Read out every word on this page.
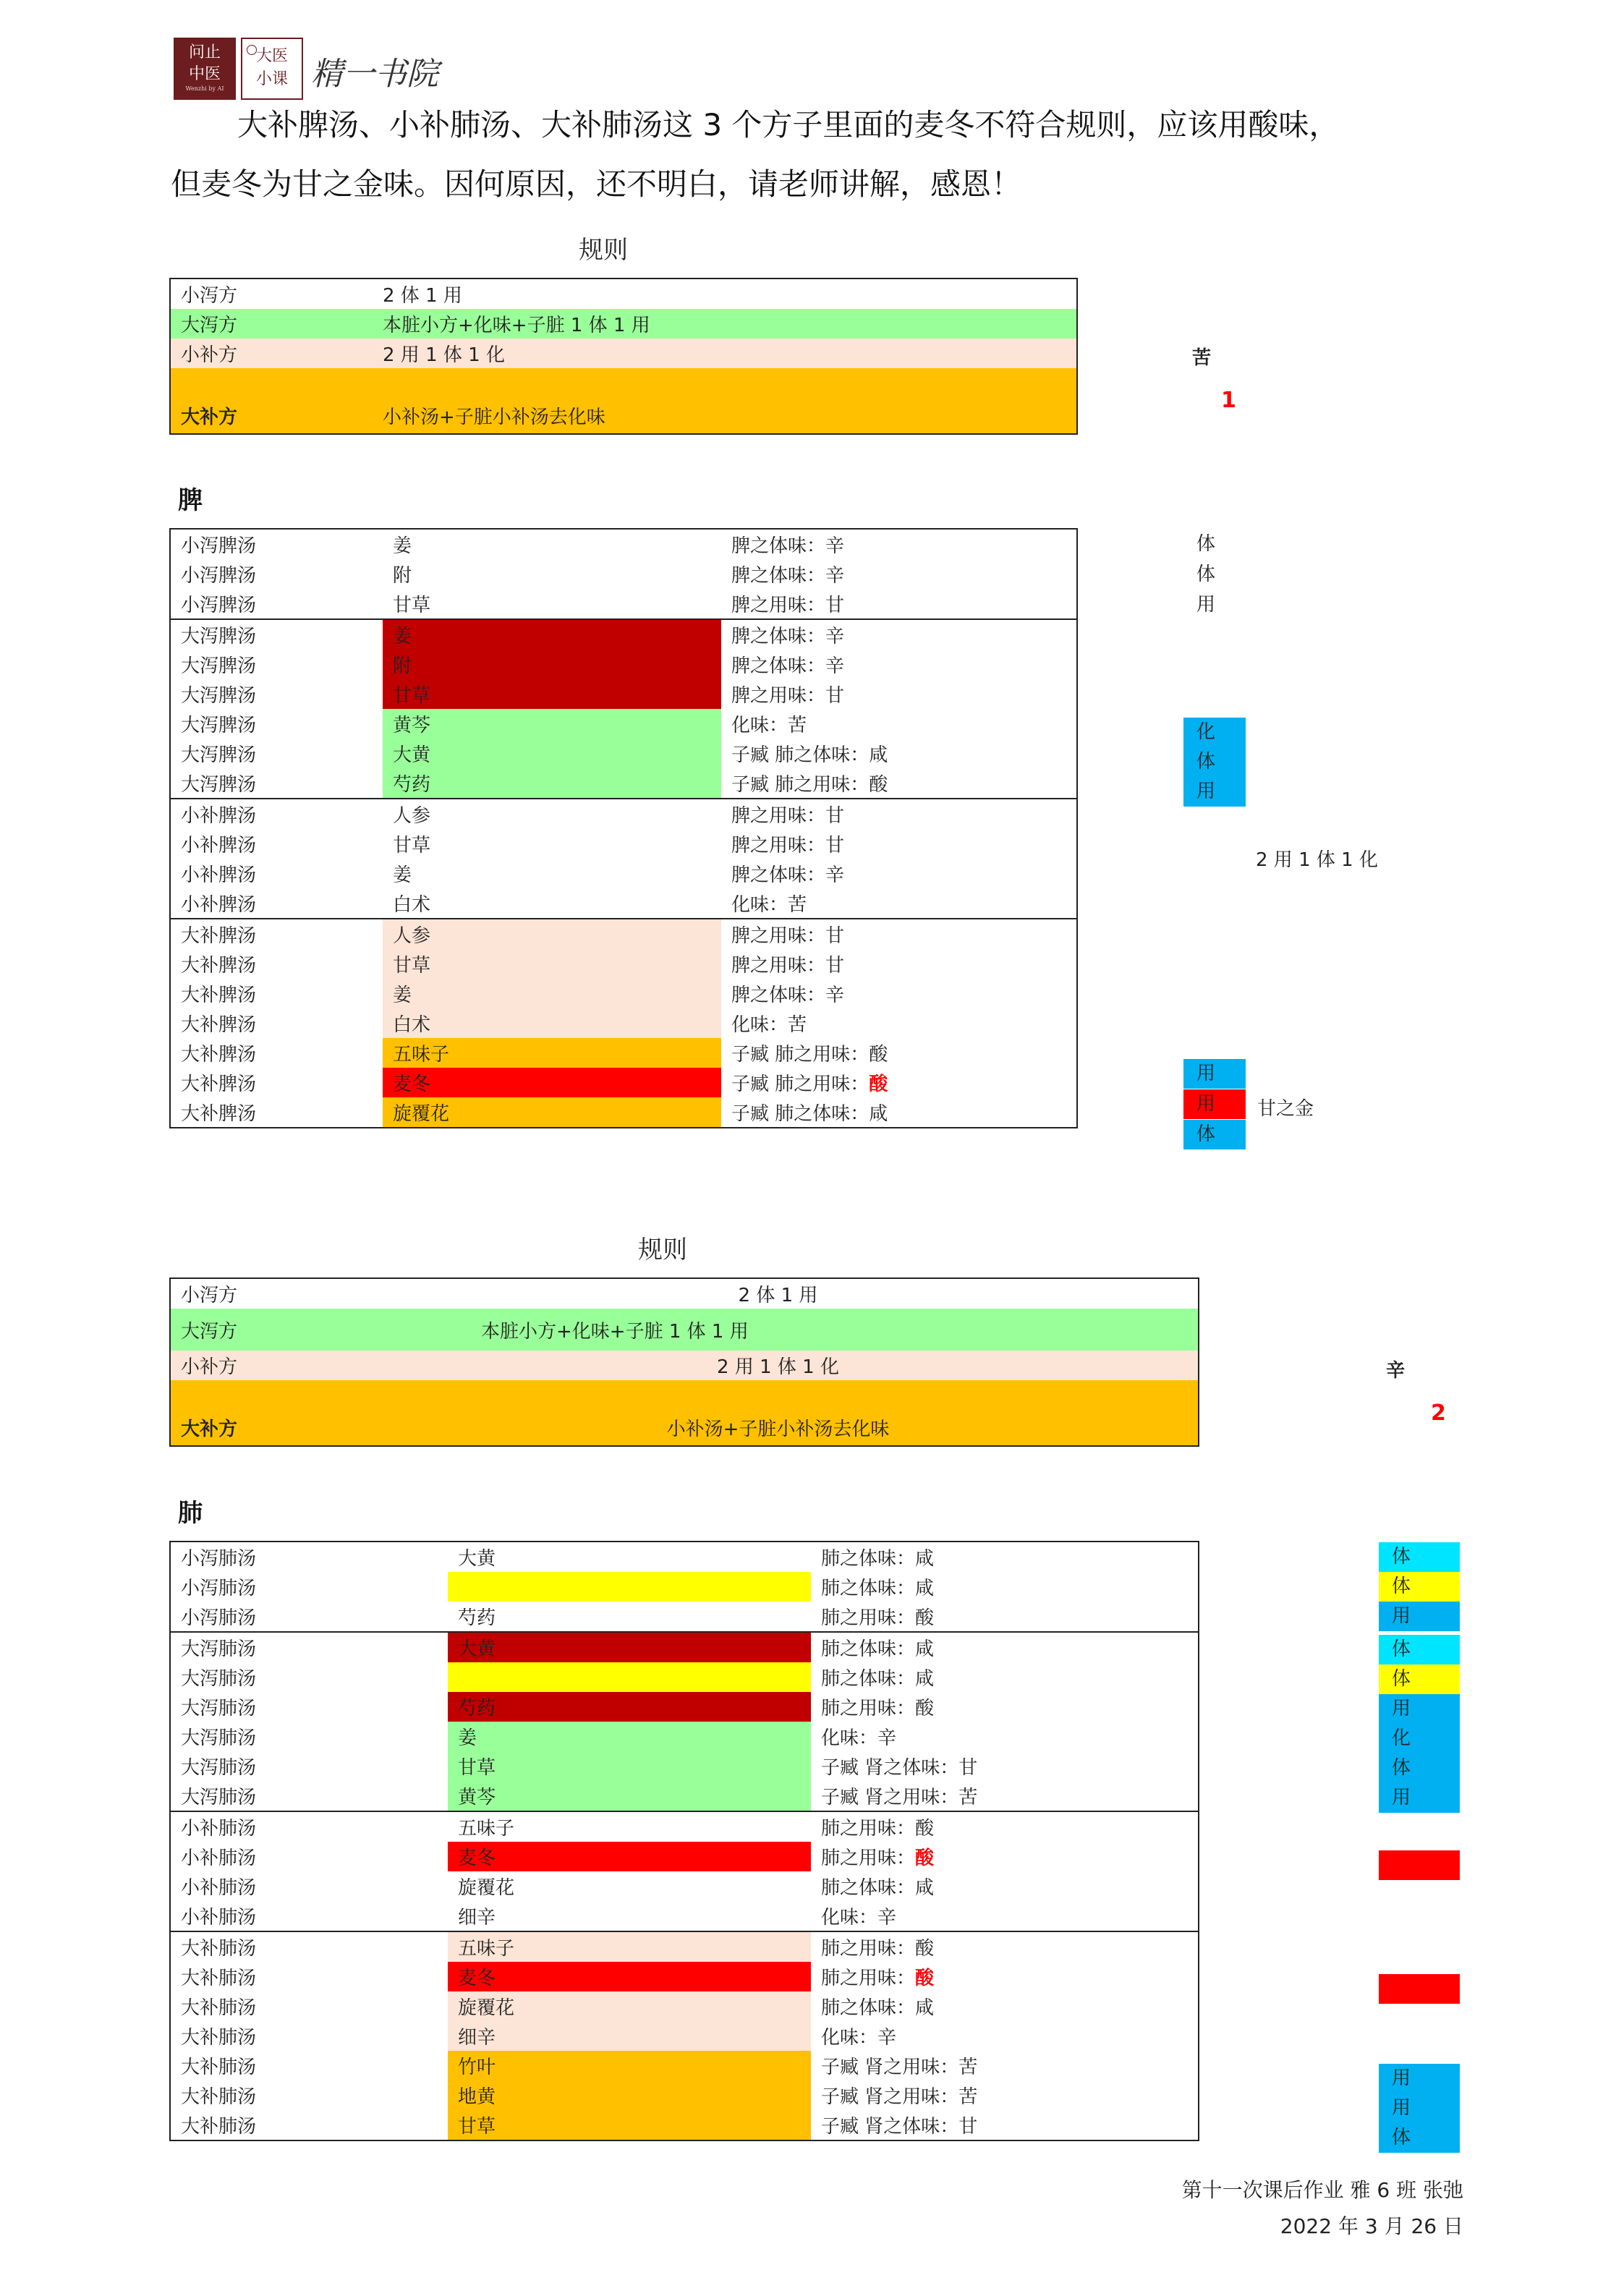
问止
中医
Wenzhi by AI
大医
小课 精一书院
大补脾汤、小补肺汤、大补肺汤这 3 个方子里面的麦冬不符合规则，应该用酸味，
但麦冬为甘之金味。因何原因，还不明白，请老师讲解，感恩！
规则
小泻方	2 体 1 用
大泻方	本脏小方+化味+子脏 1 体 1 用
小补方	2 用 1 体 1 化
大补方	小补汤+子脏小补汤去化味
苦
1
脾
小泻脾汤	姜	脾之体味：辛
小泻脾汤	附	脾之体味：辛
小泻脾汤	甘草	脾之用味：甘
大泻脾汤	姜	脾之体味：辛
大泻脾汤	附	脾之体味：辛
大泻脾汤	甘草	脾之用味：甘
大泻脾汤	黄芩	化味：苦
大泻脾汤	大黄	子臧 肺之体味：咸
大泻脾汤	芍药	子臧 肺之用味：酸
小补脾汤	人参	脾之用味：甘
小补脾汤	甘草	脾之用味：甘
小补脾汤	姜	脾之体味：辛
小补脾汤	白术	化味：苦
大补脾汤	人参	脾之用味：甘
大补脾汤	甘草	脾之用味：甘
大补脾汤	姜	脾之体味：辛
大补脾汤	白术	化味：苦
大补脾汤	五味子	子臧 肺之用味：酸
大补脾汤	麦冬	子臧 肺之用味：酸
大补脾汤	旋覆花	子臧 肺之体味：咸
体
体
用
化
体
用
2 用 1 体 1 化
用
用	甘之金
体
规则
小泻方	2 体 1 用
大泻方	本脏小方+化味+子脏 1 体 1 用
小补方	2 用 1 体 1 化
大补方	小补汤+子脏小补汤去化味
辛
2
肺
小泻肺汤	大黄	肺之体味：咸
小泻肺汤		肺之体味：咸
小泻肺汤	芍药	肺之用味：酸
大泻肺汤	大黄	肺之体味：咸
大泻肺汤		肺之体味：咸
大泻肺汤	芍药	肺之用味：酸
大泻肺汤	姜	化味：辛
大泻肺汤	甘草	子臧 肾之体味：甘
大泻肺汤	黄芩	子臧 肾之用味：苦
小补肺汤	五味子	肺之用味：酸
小补肺汤	麦冬	肺之用味：酸
小补肺汤	旋覆花	肺之体味：咸
小补肺汤	细辛	化味：辛
大补肺汤	五味子	肺之用味：酸
大补肺汤	麦冬	肺之用味：酸
大补肺汤	旋覆花	肺之体味：咸
大补肺汤	细辛	化味：辛
大补肺汤	竹叶	子臧 肾之用味：苦
大补肺汤	地黄	子臧 肾之用味：苦
大补肺汤	甘草	子臧 肾之体味：甘
体
体
用
体
体
用
化
体
用
用
用
体
第十一次课后作业 雅 6 班 张弛
2022 年 3 月 26 日
